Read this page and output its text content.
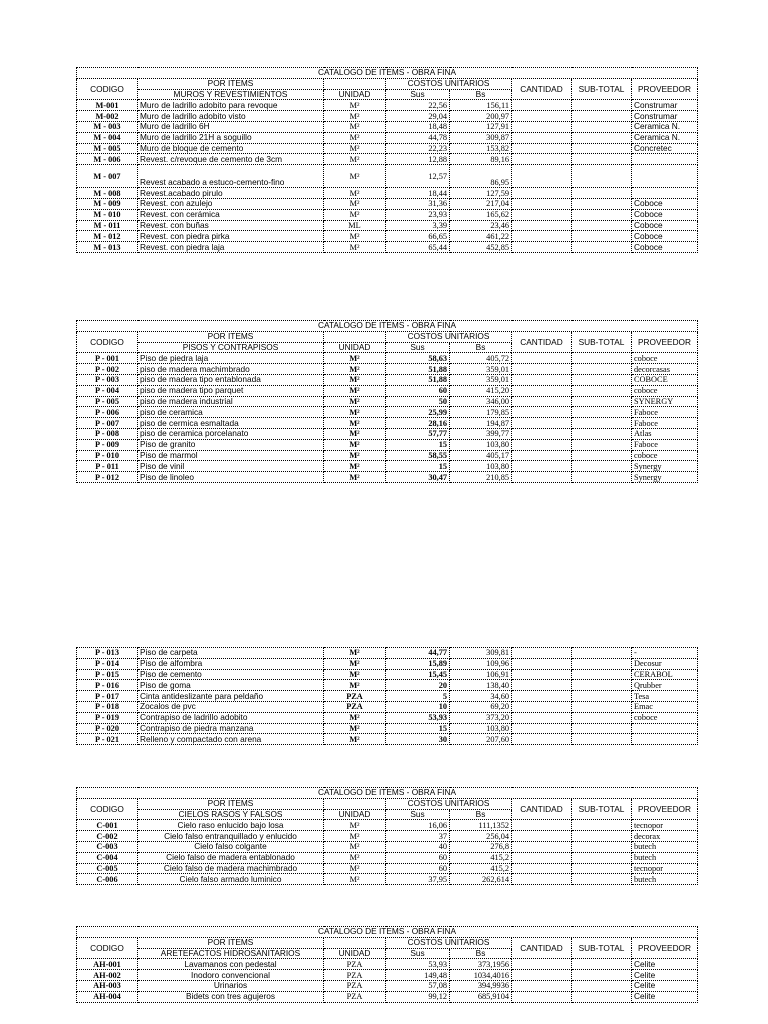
CATALOGO DE ITEMS - OBRA FINA							
CODIGO	POR ITEMS		COSTOS UNITARIOS		CANTIDAD	SUB-TOTAL	PROVEEDOR
	MUROS Y REVESTIMIENTOS	UNIDAD	Sus	Bs			
M-001	Muro de ladrillo adobito para revoque	M²	22,56	156,11			Construmar
M-002	Muro de ladrillo adobito visto	M²	29,04	200,97			Construmar
M - 003	Muro de ladrillo 6H	M²	18,48	127,91			Ceramica N.
M - 004	Muro de ladrillo 21H a soguillo	M²	44,78	309,87			Ceramica N.
M - 005	Muro de bloque de cemento	M²	22,23	153,82			Concretec
M - 006	Revest. c/revoque de cemento de 3cm	M²	12,88	89,16			
M - 007	Revest acabado a estuco-cemento-fino	M²	12,57	86,95			
M - 008	Revest.acabado pirulo	M²	18,44	127,59			
M - 009	Revest. con azulejo	M²	31,36	217,04			Coboce
M - 010	Revest. con cerámica	M²	23,93	165,62			Coboce
M - 011	Revest. con buñas	ML	3,39	23,46			Coboce
M - 012	Revest. con piedra pirka	M²	66,65	461,22			Coboce
M - 013	Revest. con piedra laja	M²	65,44	452,85			Coboce
CATALOGO DE ITEMS - OBRA FINA							
CODIGO	POR ITEMS		COSTOS UNITARIOS		CANTIDAD	SUB-TOTAL	PROVEEDOR
	PISOS Y CONTRAPISOS	UNIDAD	Sus	Bs			
P - 001	Piso de piedra laja	M²	58,63	405,72			coboce
P - 002	piso de madera machimbrado	M²	51,88	359,01			decorcasas
P - 003	piso de madera tipo entablonada	M²	51,88	359,01			COBOCE
P - 004	piso de madera tipo parquet	M²	60	415,20			coboce
P - 005	piso de madera industrial	M²	50	346,00			SYNERGY
P - 006	piso de ceramica	M²	25,99	179,85			Faboce
P - 007	piso de cermica esmaltada	M²	28,16	194,87			Faboce
P - 008	piso de ceramica porcelanato	M²	57,77	399,77			Atlas
P - 009	Piso de granito	M²	15	103,80			Faboce
P - 010	Piso de marmol	M²	58,55	405,17			coboce
P - 011	Piso de vinil	M²	15	103,80			Synergy
P - 012	Piso de linoleo	M²	30,47	210,85			Synergy
P - 013	Piso de carpeta	M²	44,77	309,81			-
P - 014	Piso de alfombra	M²	15,89	109,96			Decosur
P - 015	Piso de cemento	M²	15,45	106,91			CERABOL
P - 016	Piso de goma	M²	20	138,40			Qrubber
P - 017	Cinta antideslizante para peldaño	PZA	5	34,60			Tesa
P - 018	Zocalos de pvc	PZA	10	69,20			Emac
P - 019	Contrapiso de ladrillo adobito	M²	53,93	373,20			coboce
P - 020	Contrapiso de piedra manzana	M²	15	103,80			
P - 021	Relleno y compactado con arena	M²	30	207,60			
CATALOGO DE ITEMS - OBRA FINA							
CODIGO	POR ITEMS		COSTOS UNITARIOS		CANTIDAD	SUB-TOTAL	PROVEEDOR
	CIELOS RASOS Y FALSOS	UNIDAD	Sus	Bs			
C-001	Cielo raso enlucido bajo losa	M²	16,06	111,1352			tecnopor
C-002	Cielo falso entranquillado y enlucido	M²	37	256,04			decorax
C-003	Cielo falso colgante	M²	40	276,8			butech
C-004	Cielo falso de madera entablonado	M²	60	415,2			butech
C-005	Cielo falso de madera machimbrado	M²	60	415,2			tecnopor
C-006	Cielo falso armado luminico	M²	37,95	262,614			butech
CATALOGO DE ITEMS - OBRA FINA							
CODIGO	POR ITEMS		COSTOS UNITARIOS		CANTIDAD	SUB-TOTAL	PROVEEDOR
	ARETEFACTOS HIDROSANITARIOS	UNIDAD	Sus	Bs			
AH-001	Lavamanos con pedestal	PZA	53,93	373,1956			Celite
AH-002	Inodoro convencional	PZA	149,48	1034,4016			Celite
AH-003	Urinarios	PZA	57,08	394,9936			Celite
AH-004	Bidets con tres agujeros	PZA	99,12	685,9104			Celite
